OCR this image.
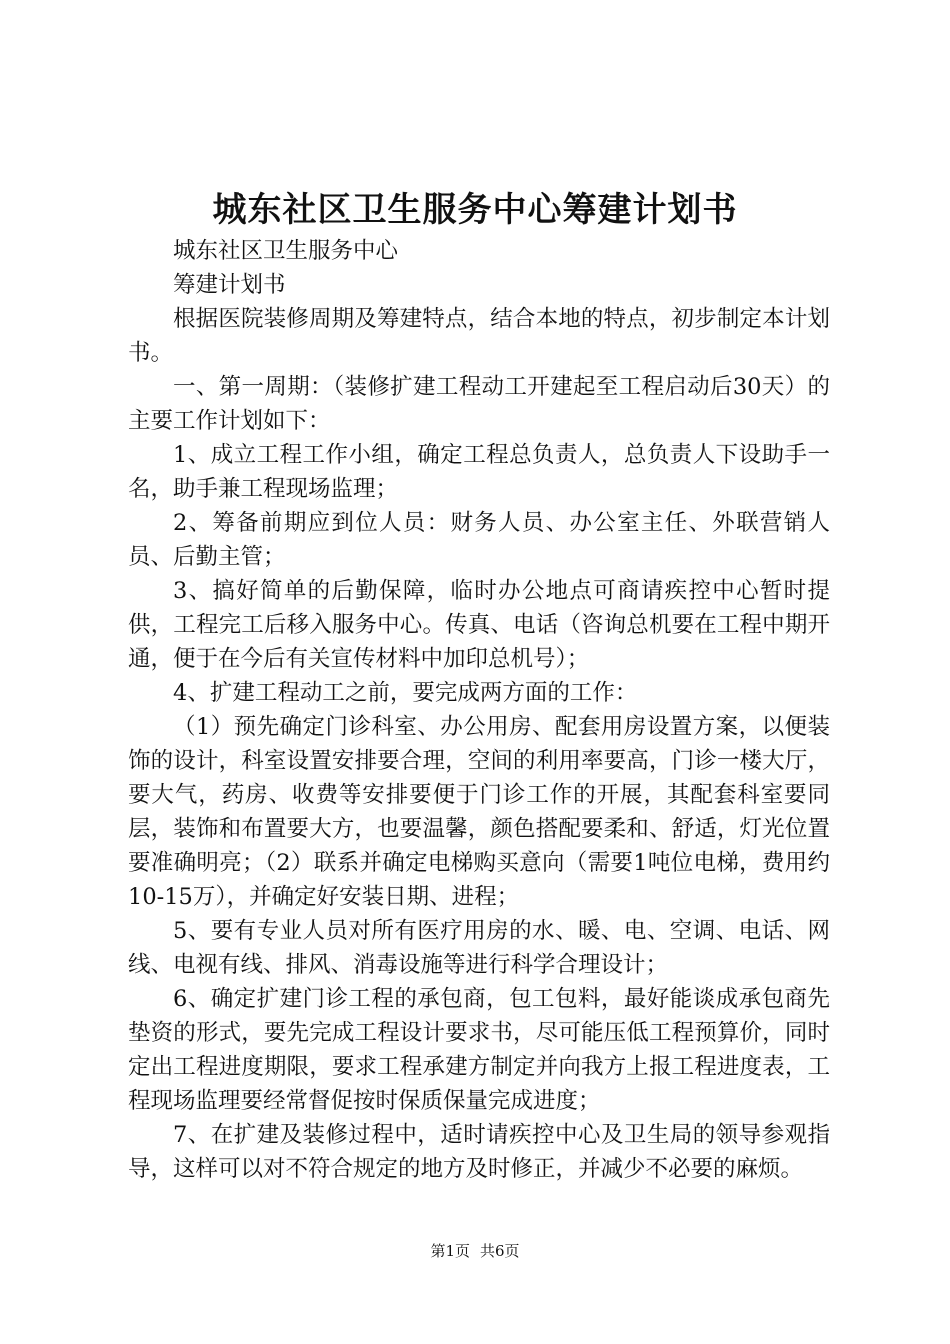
城东社区卫生服务中心筹建计划书

城东社区卫生服务中心

筹建计划书

根据医院装修周期及筹建特点，结合本地的特点，初步制定本计划书。

一、第一周期：（装修扩建工程动工开建起至工程启动后30天）的主要工作计划如下：

1、成立工程工作小组，确定工程总负责人，总负责人下设助手一名，助手兼工程现场监理；

2、筹备前期应到位人员：财务人员、办公室主任、外联营销人员、后勤主管；

3、搞好简单的后勤保障，临时办公地点可商请疾控中心暂时提供，工程完工后移入服务中心。传真、电话（咨询总机要在工程中期开通，便于在今后有关宣传材料中加印总机号）；

4、扩建工程动工之前，要完成两方面的工作：

（1）预先确定门诊科室、办公用房、配套用房设置方案，以便装饰的设计，科室设置安排要合理，空间的利用率要高，门诊一楼大厅，要大气，药房、收费等安排要便于门诊工作的开展，其配套科室要同层，装饰和布置要大方，也要温馨，颜色搭配要柔和、舒适，灯光位置要准确明亮；（2）联系并确定电梯购买意向（需要1吨位电梯，费用约10-15万），并确定好安装日期、进程；

5、要有专业人员对所有医疗用房的水、暖、电、空调、电话、网线、电视有线、排风、消毒设施等进行科学合理设计；

6、确定扩建门诊工程的承包商，包工包料，最好能谈成承包商先垫资的形式，要先完成工程设计要求书，尽可能压低工程预算价，同时定出工程进度期限，要求工程承建方制定并向我方上报工程进度表，工程现场监理要经常督促按时保质保量完成进度；

7、在扩建及装修过程中，适时请疾控中心及卫生局的领导参观指导，这样可以对不符合规定的地方及时修正，并减少不必要的麻烦。

第1页 共6页
